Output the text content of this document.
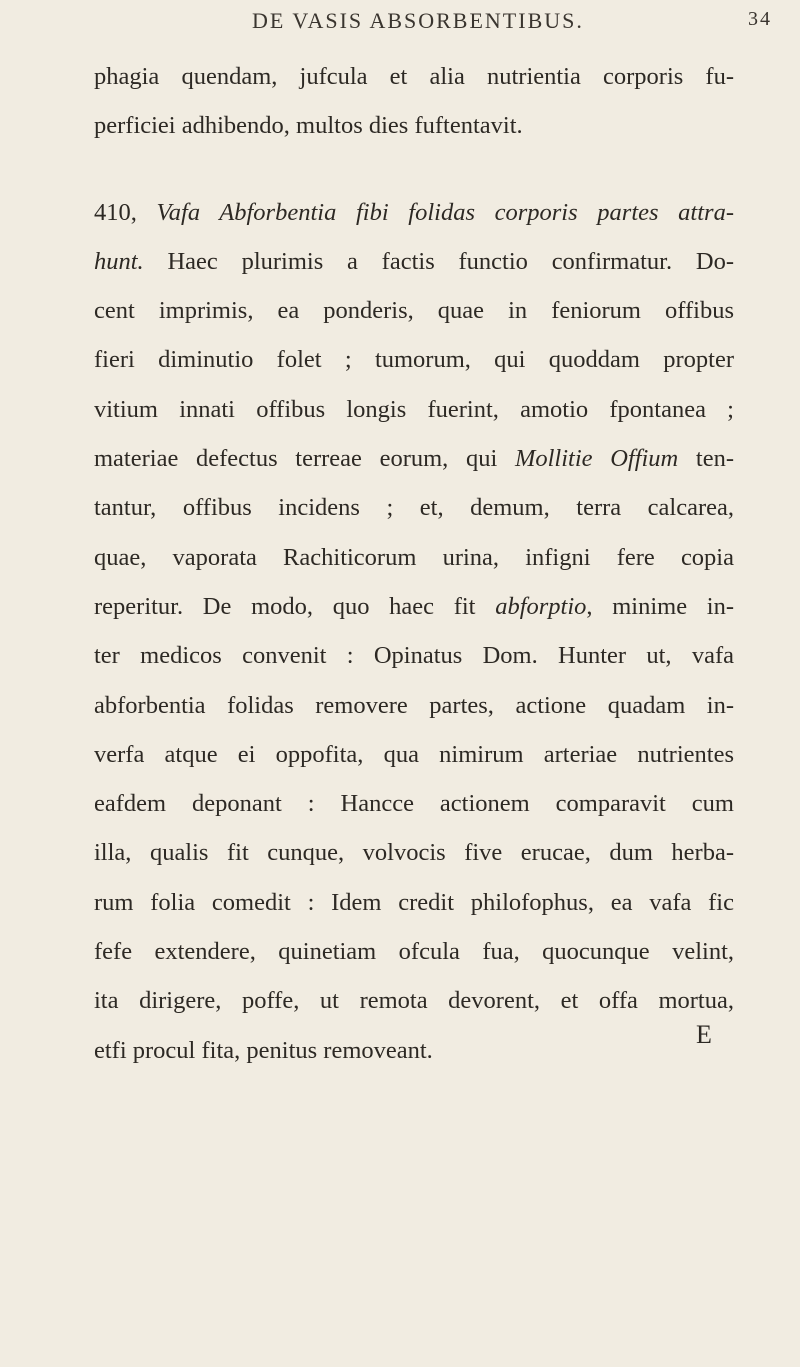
DE VASIS ABSORBENTIBUS.	34
phagia quendam, jufcula et alia nutrientia corporis fu-
perficiei adhibendo, multos dies fuftentavit.
410, Vafa Abforbentia fibi folidas corporis partes attra-
hunt. Haec plurimis a factis functio confirmatur. Do-
cent imprimis, ea ponderis, quae in feniorum offibus
fieri diminutio folet ; tumorum, qui quoddam propter
vitium innati offibus longis fuerint, amotio fpontanea ;
materiae defectus terreae eorum, qui Mollitie Offium ten-
tantur, offibus incidens ; et, demum, terra calcarea,
quae, vaporata Rachiticorum urina, infigni fere copia
reperitur. De modo, quo haec fit abforptio, minime in-
ter medicos convenit : Opinatus Dom. Hunter ut, vafa
abforbentia folidas removere partes, actione quadam in-
verfa atque ei oppofita, qua nimirum arteriae nutrientes
eafdem deponant : Hancce actionem comparavit cum
illa, qualis fit cunque, volvocis five erucae, dum herba-
rum folia comedit : Idem credit philofophus, ea vafa fic
fefe extendere, quinetiam ofcula fua, quocunque velint,
ita dirigere, poffe, ut remota devorent, et offa mortua,
etfi procul fita, penitus removeant.
E
